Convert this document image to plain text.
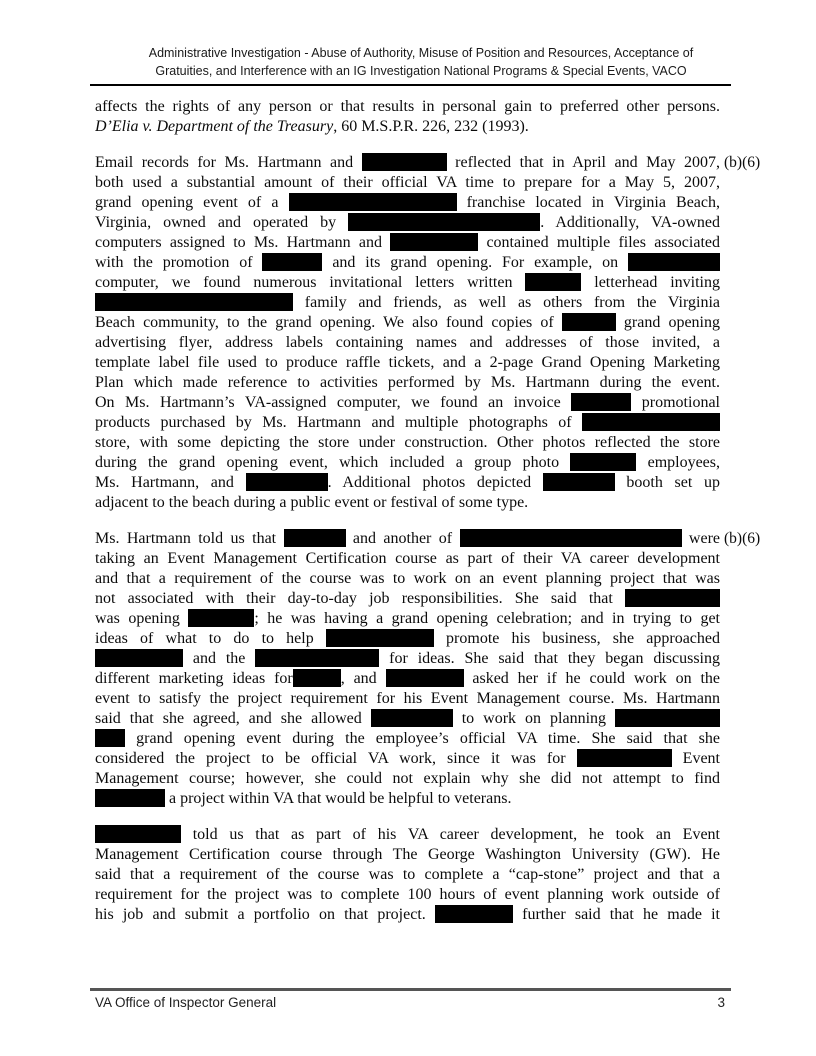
Administrative Investigation - Abuse of Authority, Misuse of Position and Resources, Acceptance of
Gratuities, and Interference with an IG Investigation National Programs & Special Events, VACO
affects the rights of any person or that results in personal gain to preferred other persons.
D’Elia v. Department of the Treasury, 60 M.S.P.R. 226, 232 (1993).
Email records for Ms. Hartmann and	reflected that in April and May 2007, (b)(6)
both used a substantial amount of their official VA time to prepare for a May 5, 2007,
grand opening event of a	franchise located in Virginia Beach,
Virginia, owned and operated by	. Additionally, VA-owned
computers assigned to Ms. Hartmann and	contained multiple files associated
with the promotion of	and its grand opening. For example, on
computer, we found numerous invitational letters written	letterhead inviting
family and friends, as well as others from the Virginia
Beach community, to the grand opening. We also found copies of	grand opening
advertising flyer, address labels containing names and addresses of those invited, a
template label file used to produce raffle tickets, and a 2-page Grand Opening Marketing
Plan which made reference to activities performed by Ms. Hartmann during the event.
On Ms. Hartmann’s VA-assigned computer, we found an invoice	promotional
products purchased by Ms. Hartmann and multiple photographs of
store, with some depicting the store under construction. Other photos reflected the store
during the grand opening event, which included a group photo	employees,
Ms. Hartmann, and	. Additional photos depicted	booth set up
adjacent to the beach during a public event or festival of some type.
Ms. Hartmann told us that	and another of	were (b)(6)
taking an Event Management Certification course as part of their VA career development
and that a requirement of the course was to work on an event planning project that was
not associated with their day-to-day job responsibilities. She said that
was opening	; he was having a grand opening celebration; and in trying to get
ideas of what to do to help	promote his business, she approached
and the	for ideas. She said that they began discussing
different marketing ideas for	, and	asked her if he could work on the
event to satisfy the project requirement for his Event Management course. Ms. Hartmann
said that she agreed, and she allowed	to work on planning
grand opening event during the employee’s official VA time. She said that she
considered the project to be official VA work, since it was for	Event
Management course; however, she could not explain why she did not attempt to find
a project within VA that would be helpful to veterans.
told us that as part of his VA career development, he took an Event
Management Certification course through The George Washington University (GW). He
said that a requirement of the course was to complete a “cap-stone” project and that a
requirement for the project was to complete 100 hours of event planning work outside of
his job and submit a portfolio on that project.	further said that he made it
VA Office of Inspector General	3
